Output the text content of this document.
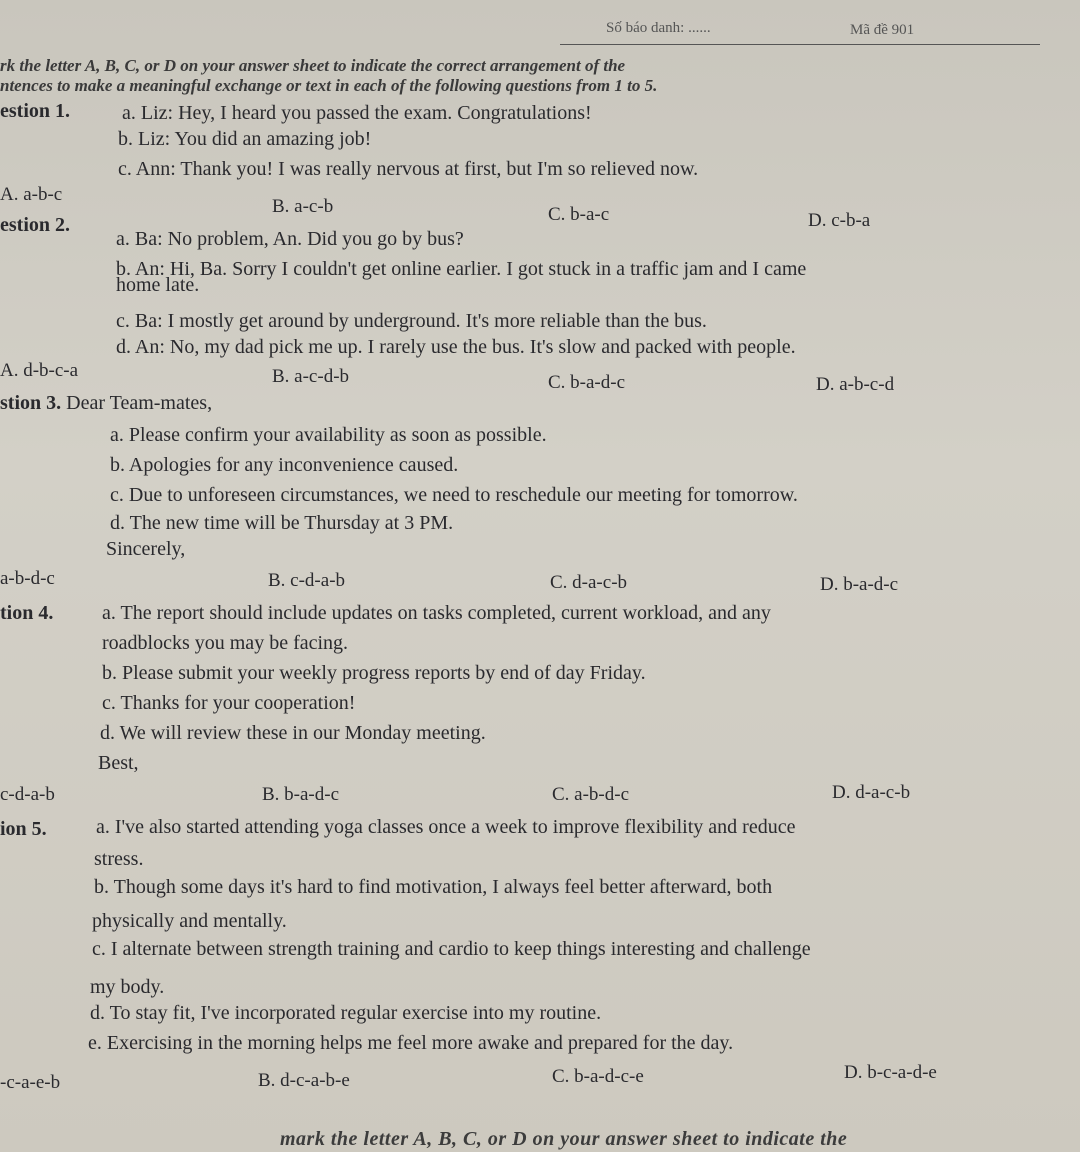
Số báo danh: ......	Mã đề 901
rk the letter A, B, C, or D on your answer sheet to indicate the correct arrangement of the
ntences to make a meaningful exchange or text in each of the following questions from 1 to 5.
estion 1.	a. Liz: Hey, I heard you passed the exam. Congratulations!
b. Liz: You did an amazing job!
c. Ann: Thank you! I was really nervous at first, but I'm so relieved now.
A. a-b-c
B. a-c-b	C. b-a-c	D. c-b-a
estion 2.
a. Ba: No problem, An. Did you go by bus?
b. An: Hi, Ba. Sorry I couldn't get online earlier. I got stuck in a traffic jam and I came
home late.
c. Ba: I mostly get around by underground. It's more reliable than the bus.
d. An: No, my dad pick me up. I rarely use the bus. It's slow and packed with people.
A. d-b-c-a	B. a-c-d-b	C. b-a-d-c	D. a-b-c-d
stion 3. Dear Team-mates,
a. Please confirm your availability as soon as possible.
b. Apologies for any inconvenience caused.
c. Due to unforeseen circumstances, we need to reschedule our meeting for tomorrow.
d. The new time will be Thursday at 3 PM.
Sincerely,
a-b-d-c	B. c-d-a-b	C. d-a-c-b	D. b-a-d-c
tion 4. a. The report should include updates on tasks completed, current workload, and any
roadblocks you may be facing.
b. Please submit your weekly progress reports by end of day Friday.
c. Thanks for your cooperation!
d. We will review these in our Monday meeting.
Best,
c-d-a-b	B. b-a-d-c	C. a-b-d-c	D. d-a-c-b
ion 5. a. I've also started attending yoga classes once a week to improve flexibility and reduce
stress.
b. Though some days it's hard to find motivation, I always feel better afterward, both
physically and mentally.
c. I alternate between strength training and cardio to keep things interesting and challenge
my body.
d. To stay fit, I've incorporated regular exercise into my routine.
e. Exercising in the morning helps me feel more awake and prepared for the day.
-c-a-e-b	B. d-c-a-b-e	C. b-a-d-c-e	D. b-c-a-d-e
mark the letter A, B, C, or D on your answer sheet to indicate the
